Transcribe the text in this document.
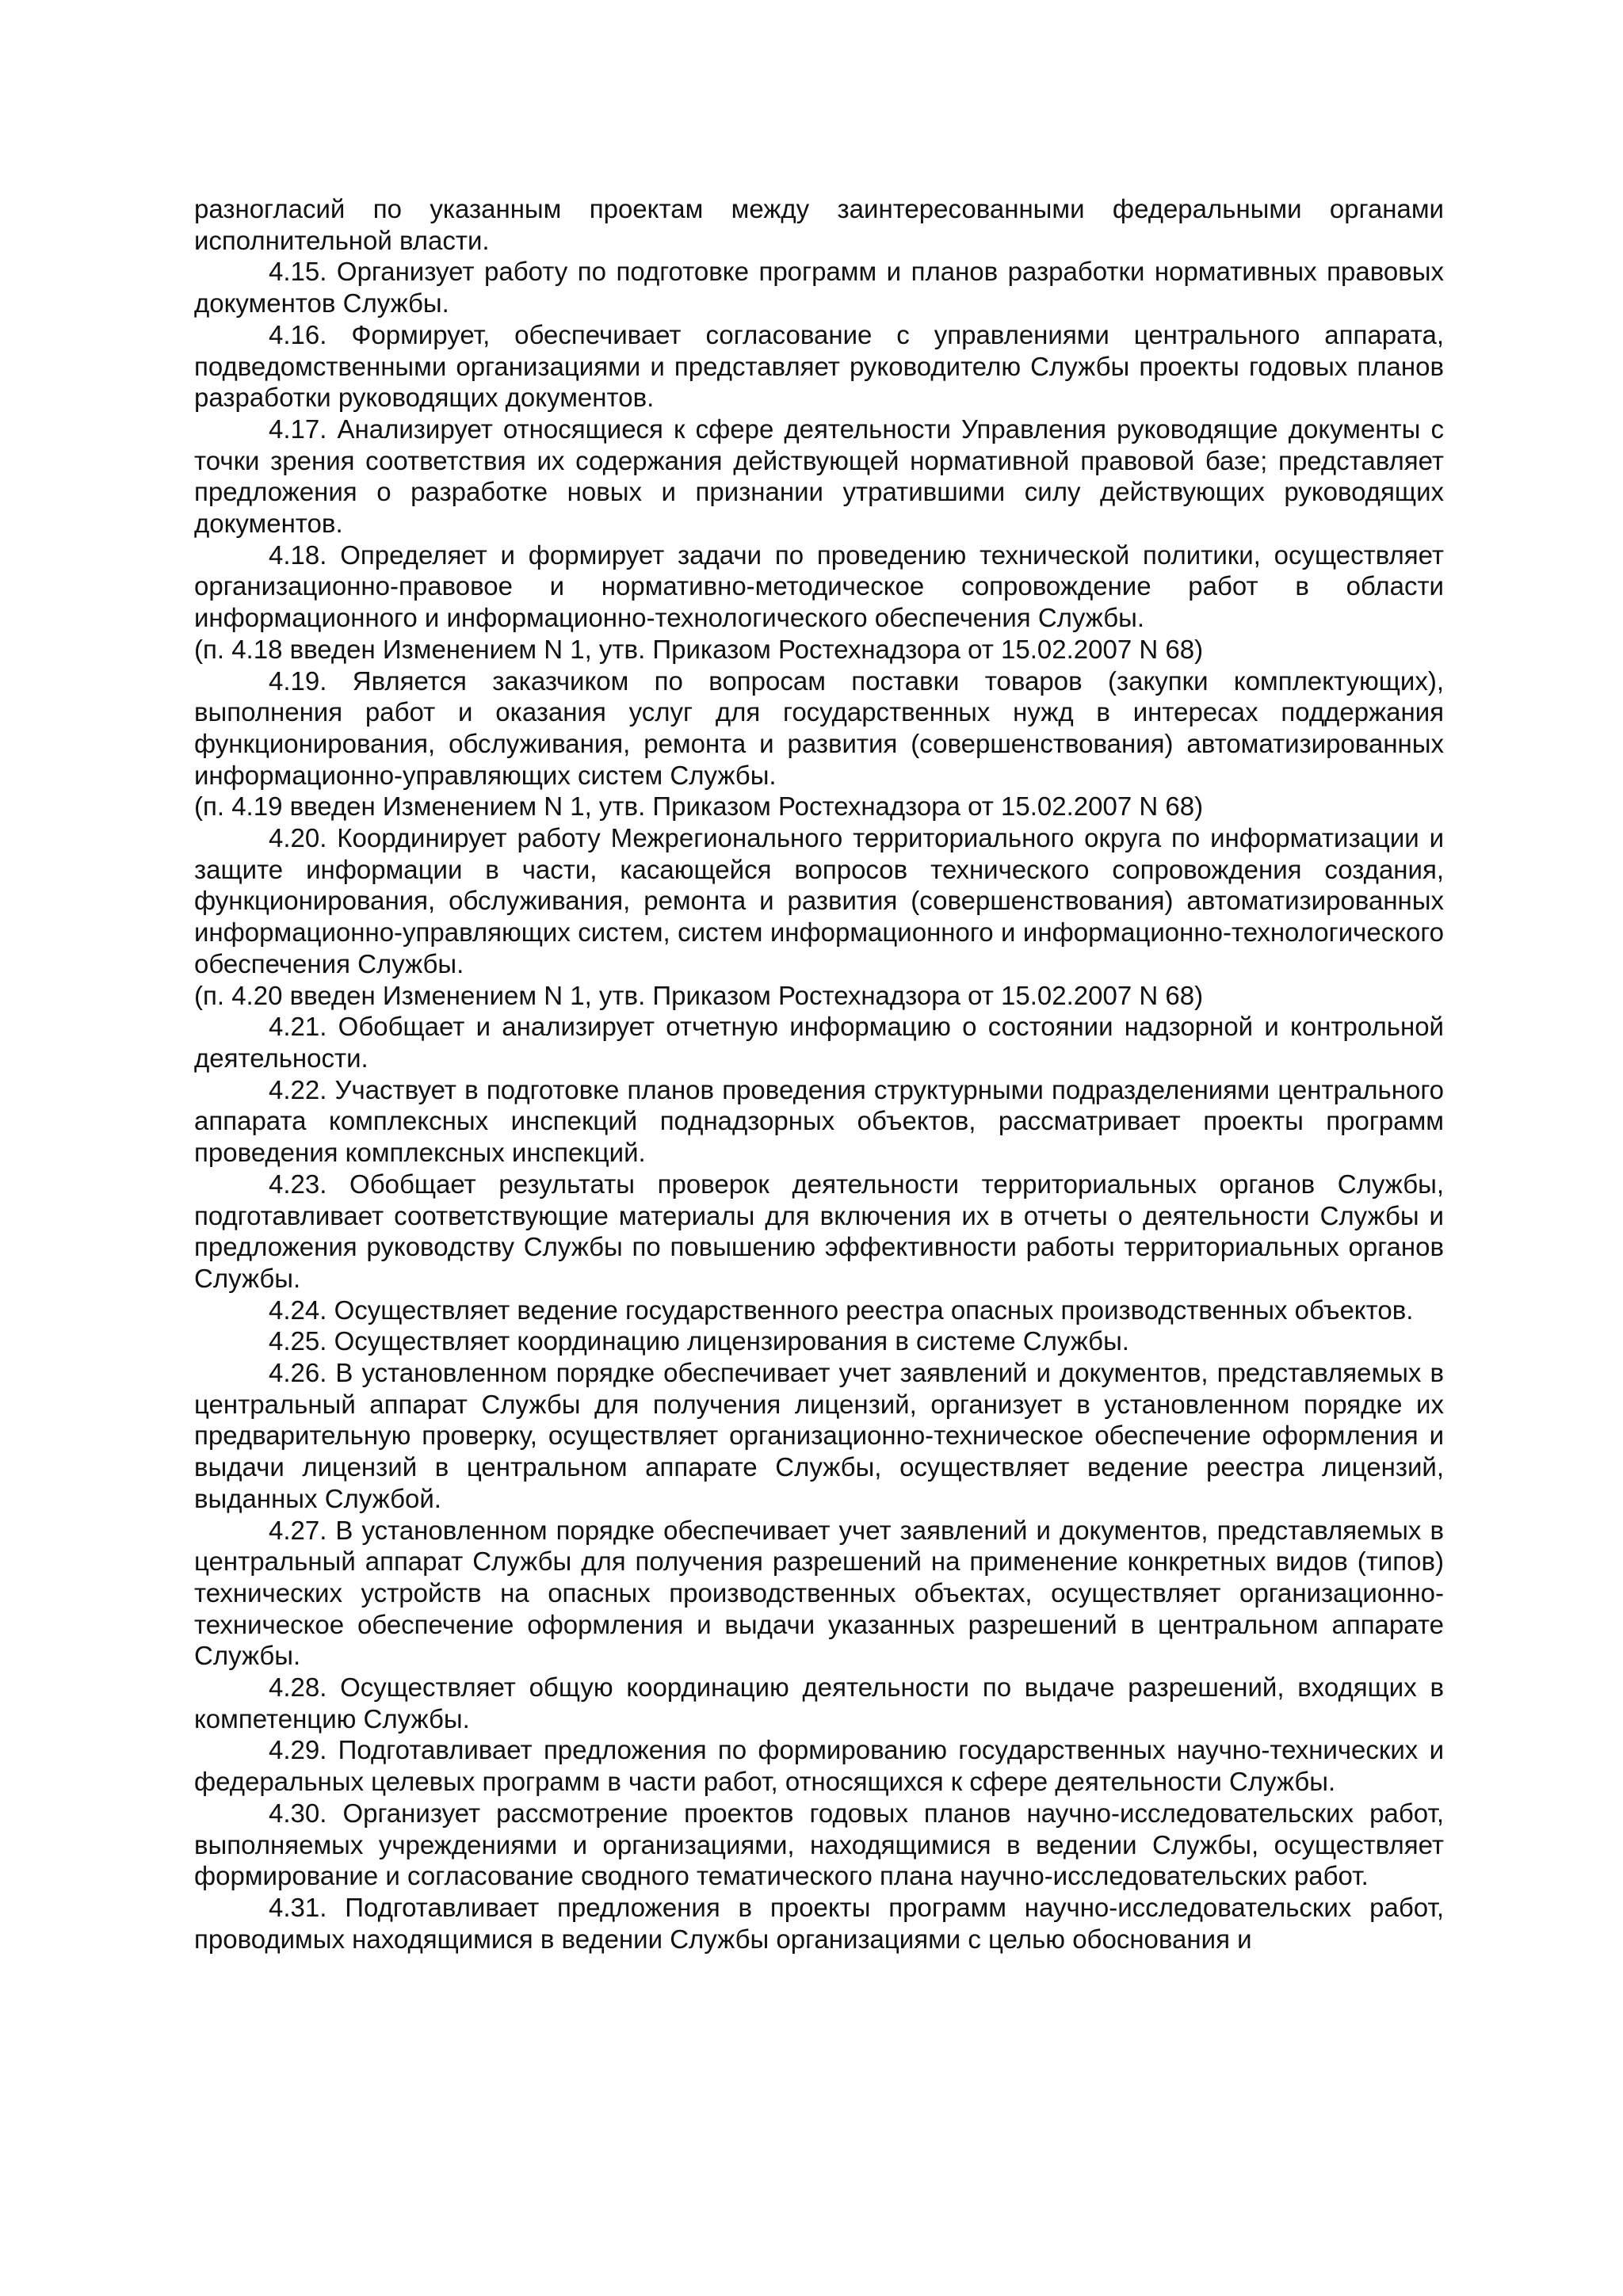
разногласий по указанным проектам между заинтересованными федеральными органами исполнительной власти.

4.15. Организует работу по подготовке программ и планов разработки нормативных правовых документов Службы.

4.16. Формирует, обеспечивает согласование с управлениями центрального аппарата, подведомственными организациями и представляет руководителю Службы проекты годовых планов разработки руководящих документов.

4.17. Анализирует относящиеся к сфере деятельности Управления руководящие документы с точки зрения соответствия их содержания действующей нормативной правовой базе; представляет предложения о разработке новых и признании утратившими силу действующих руководящих документов.

4.18. Определяет и формирует задачи по проведению технической политики, осуществляет организационно-правовое и нормативно-методическое сопровождение работ в области информационного и информационно-технологического обеспечения Службы.

(п. 4.18 введен Изменением N 1, утв. Приказом Ростехнадзора от 15.02.2007 N 68)

4.19. Является заказчиком по вопросам поставки товаров (закупки комплектующих), выполнения работ и оказания услуг для государственных нужд в интересах поддержания функционирования, обслуживания, ремонта и развития (совершенствования) автоматизированных информационно-управляющих систем Службы.

(п. 4.19 введен Изменением N 1, утв. Приказом Ростехнадзора от 15.02.2007 N 68)

4.20. Координирует работу Межрегионального территориального округа по информатизации и защите информации в части, касающейся вопросов технического сопровождения создания, функционирования, обслуживания, ремонта и развития (совершенствования) автоматизированных информационно-управляющих систем, систем информационного и информационно-технологического обеспечения Службы.

(п. 4.20 введен Изменением N 1, утв. Приказом Ростехнадзора от 15.02.2007 N 68)

4.21. Обобщает и анализирует отчетную информацию о состоянии надзорной и контрольной деятельности.

4.22. Участвует в подготовке планов проведения структурными подразделениями центрального аппарата комплексных инспекций поднадзорных объектов, рассматривает проекты программ проведения комплексных инспекций.

4.23. Обобщает результаты проверок деятельности территориальных органов Службы, подготавливает соответствующие материалы для включения их в отчеты о деятельности Службы и предложения руководству Службы по повышению эффективности работы территориальных органов Службы.

4.24. Осуществляет ведение государственного реестра опасных производственных объектов.

4.25. Осуществляет координацию лицензирования в системе Службы.

4.26. В установленном порядке обеспечивает учет заявлений и документов, представляемых в центральный аппарат Службы для получения лицензий, организует в установленном порядке их предварительную проверку, осуществляет организационно-техническое обеспечение оформления и выдачи лицензий в центральном аппарате Службы, осуществляет ведение реестра лицензий, выданных Службой.

4.27. В установленном порядке обеспечивает учет заявлений и документов, представляемых в центральный аппарат Службы для получения разрешений на применение конкретных видов (типов) технических устройств на опасных производственных объектах, осуществляет организационно-техническое обеспечение оформления и выдачи указанных разрешений в центральном аппарате Службы.

4.28. Осуществляет общую координацию деятельности по выдаче разрешений, входящих в компетенцию Службы.

4.29. Подготавливает предложения по формированию государственных научно-технических и федеральных целевых программ в части работ, относящихся к сфере деятельности Службы.

4.30. Организует рассмотрение проектов годовых планов научно-исследовательских работ, выполняемых учреждениями и организациями, находящимися в ведении Службы, осуществляет формирование и согласование сводного тематического плана научно-исследовательских работ.

4.31. Подготавливает предложения в проекты программ научно-исследовательских работ, проводимых находящимися в ведении Службы организациями с целью обоснования и
